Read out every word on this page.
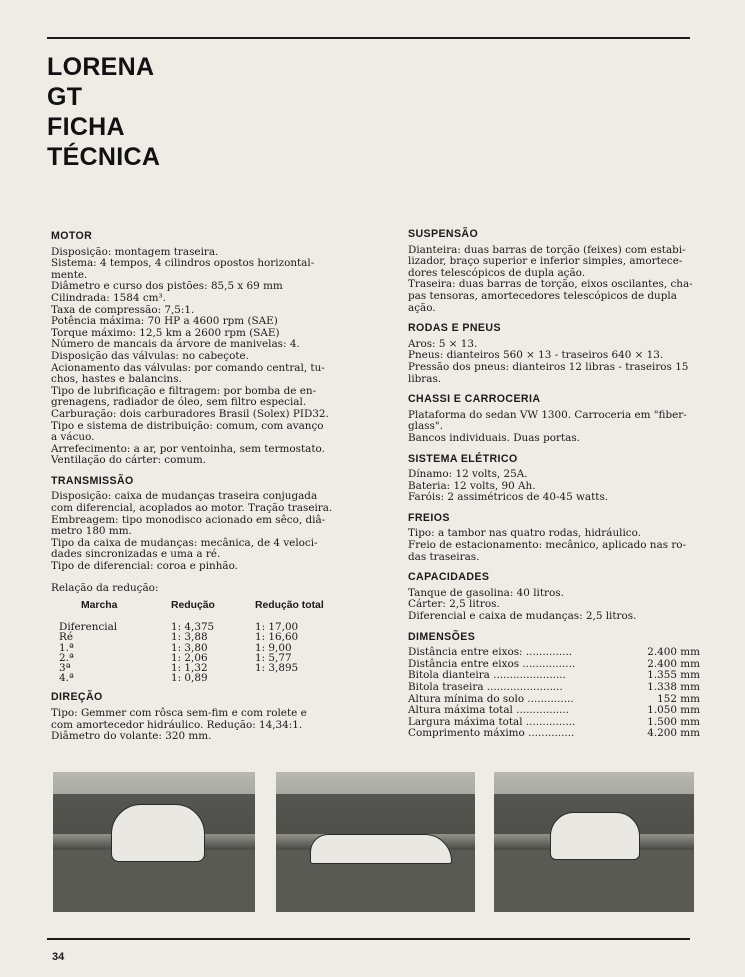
LORENA
GT
FICHA
TÉCNICA
MOTOR
Disposição: montagem traseira.
Sistema: 4 tempos, 4 cilindros opostos horizontal-
mente.
Diâmetro e curso dos pistões: 85,5 x 69 mm
Cilindrada: 1584 cm³.
Taxa de compressão: 7,5:1.
Potência máxima: 70 HP a 4600 rpm (SAE)
Torque máximo: 12,5 km a 2600 rpm (SAE)
Número de mancais da árvore de manivelas: 4.
Disposição das válvulas: no cabeçote.
Acionamento das válvulas: por comando central, tu-
chos, hastes e balancins.
Tipo de lubrificação e filtragem: por bomba de en-
grenagens, radiador de óleo, sem filtro especial.
Carburação: dois carburadores Brasil (Solex) PID32.
Tipo e sistema de distribuição: comum, com avanço
a vácuo.
Arrefecimento: a ar, por ventoinha, sem termostato.
Ventilação do cárter: comum.
TRANSMISSÃO
Disposição: caixa de mudanças traseira conjugada
com diferencial, acoplados ao motor. Tração traseira.
Embreagem: tipo monodisco acionado em sêco, diâ-
metro 180 mm.
Tipo da caixa de mudanças: mecânica, de 4 veloci-
dades sincronizadas e uma a ré.
Tipo de diferencial: coroa e pinhão.
Relação da redução:
Marcha	Redução	Redução total
Diferencial	1: 4,375	1: 17,00
Ré	1: 3,88	1: 16,60
1.ª	1: 3,80	1: 9,00
2.ª	1: 2,06	1: 5,77
3ª	1: 1,32	1: 3,895
4.ª	1: 0,89
DIREÇÃO
Tipo: Gemmer com rôsca sem-fim e com rolete e
com amortecedor hidráulico. Redução: 14,34:1.
Diâmetro do volante: 320 mm.
SUSPENSÃO
Dianteira: duas barras de torção (feixes) com estabi-
lizador, braço superior e inferior simples, amortece-
dores telescópicos de dupla ação.
Traseira: duas barras de torção, eixos oscilantes, cha-
pas tensoras, amortecedores telescópicos de dupla
ação.
RODAS E PNEUS
Aros: 5 × 13.
Pneus: dianteiros 560 × 13 - traseiros 640 × 13.
Pressão dos pneus: dianteiros 12 libras - traseiros 15
libras.
CHASSI E CARROCERIA
Plataforma do sedan VW 1300. Carroceria em "fiber-
glass".
Bancos individuais. Duas portas.
SISTEMA ELÉTRICO
Dínamo: 12 volts, 25A.
Bateria: 12 volts, 90 Ah.
Faróis: 2 assimétricos de 40-45 watts.
FREIOS
Tipo: a tambor nas quatro rodas, hidráulico.
Freio de estacionamento: mecânico, aplicado nas ro-
das traseiras.
CAPACIDADES
Tanque de gasolina: 40 litros.
Cárter: 2,5 litros.
Diferencial e caixa de mudanças: 2,5 litros.
DIMENSÕES
Distância entre eixos: ..............	2.400 mm
Distância entre eixos ................	2.400 mm
Bitola dianteira ......................	1.355 mm
Bitola traseira .......................	1.338 mm
Altura mínima do solo ..............	152 mm
Altura máxima total ................	1.050 mm
Largura máxima total ...............	1.500 mm
Comprimento máximo ..............	4.200 mm
34
